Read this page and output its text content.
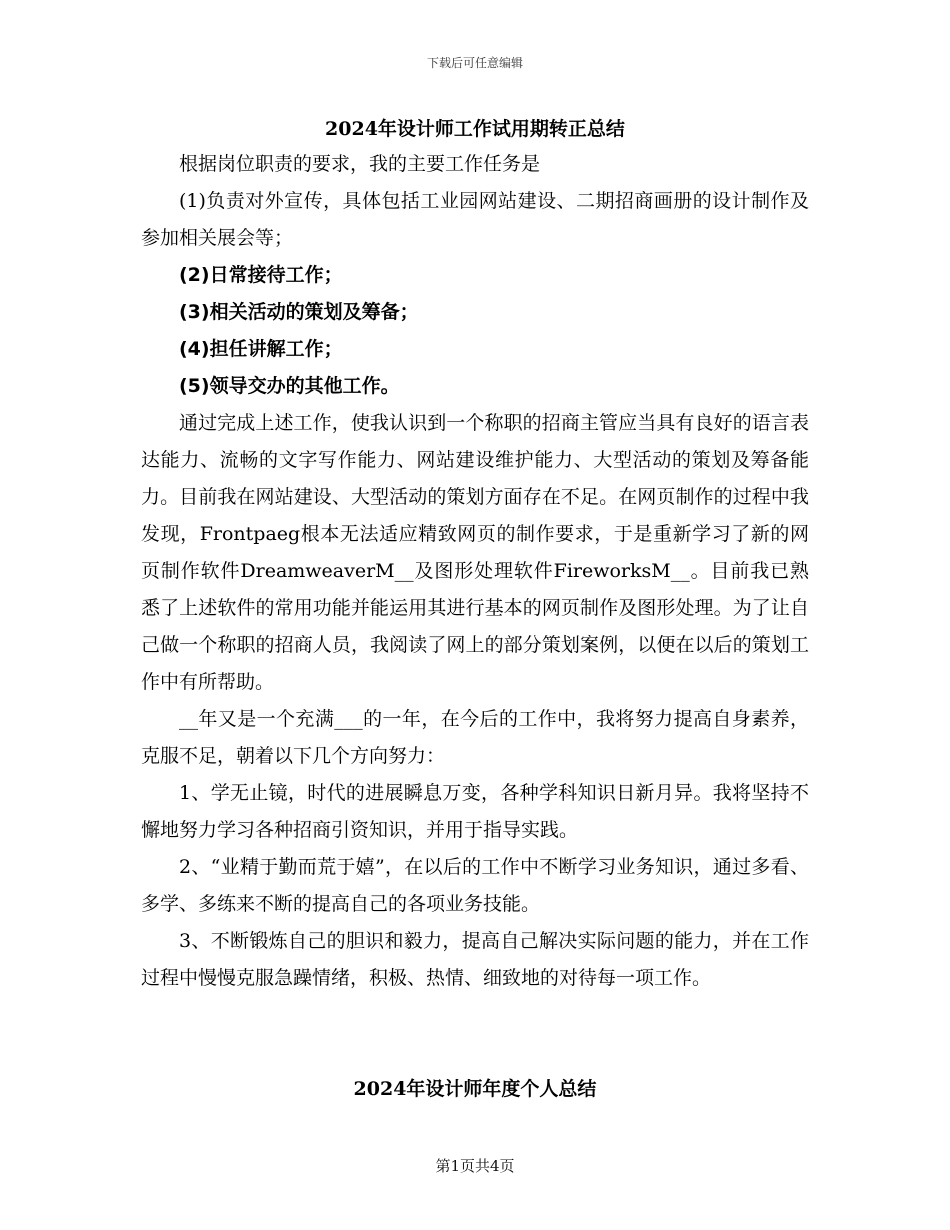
下载后可任意编辑
2024年设计师工作试用期转正总结

根据岗位职责的要求，我的主要工作任务是

(1)负责对外宣传，具体包括工业园网站建设、二期招商画册的设计制作及参加相关展会等；

(2)日常接待工作；

(3)相关活动的策划及筹备；

(4)担任讲解工作；

(5)领导交办的其他工作。

通过完成上述工作，使我认识到一个称职的招商主管应当具有良好的语言表达能力、流畅的文字写作能力、网站建设维护能力、大型活动的策划及筹备能力。目前我在网站建设、大型活动的策划方面存在不足。在网页制作的过程中我发现，Frontpaeg根本无法适应精致网页的制作要求，于是重新学习了新的网页制作软件DreamweaverM__及图形处理软件FireworksM__。目前我已熟悉了上述软件的常用功能并能运用其进行基本的网页制作及图形处理。为了让自己做一个称职的招商人员，我阅读了网上的部分策划案例，以便在以后的策划工作中有所帮助。

__年又是一个充满___的一年，在今后的工作中，我将努力提高自身素养，克服不足，朝着以下几个方向努力：

1、学无止镜，时代的进展瞬息万变，各种学科知识日新月异。我将坚持不懈地努力学习各种招商引资知识，并用于指导实践。

2、“业精于勤而荒于嬉”，在以后的工作中不断学习业务知识，通过多看、多学、多练来不断的提高自己的各项业务技能。

3、不断锻炼自己的胆识和毅力，提高自己解决实际问题的能力，并在工作过程中慢慢克服急躁情绪，积极、热情、细致地的对待每一项工作。

2024年设计师年度个人总结
第1页共4页
